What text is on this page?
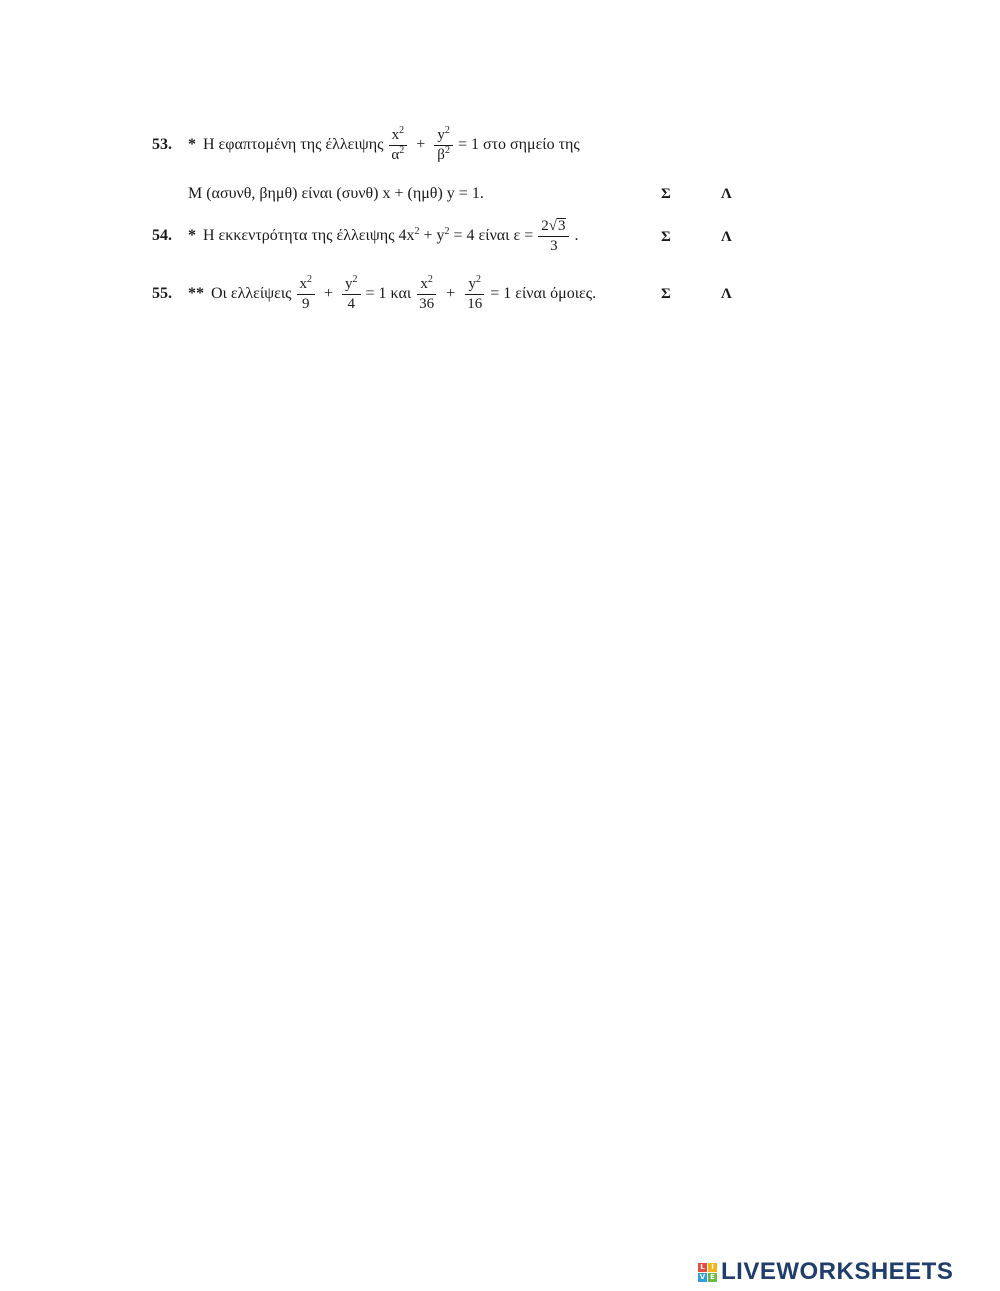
53.	* Η εφαπτομένη της έλλειψης $\frac{x^2}{\alpha^2} + \frac{y^2}{\beta^2} = 1$ στο σημείο της
Μ (ασυνθ, βημθ) είναι (συνθ) x + (ημθ) y = 1.	Σ	Λ
54.	* Η εκκεντρότητα της έλλειψης $4x^2 + y^2 = 4$ είναι $\varepsilon = \frac{2 √ 3}{3}$ .	Σ	Λ
55.	** Οι ελλείψεις $\frac{x^2}{9} + \frac{y^2}{4} = 1$ και $\frac{x^2}{36} + \frac{y^2}{16} = 1$ είναι όμοιες.	Σ	Λ
L I
V E LIVEWORKSHEETS
